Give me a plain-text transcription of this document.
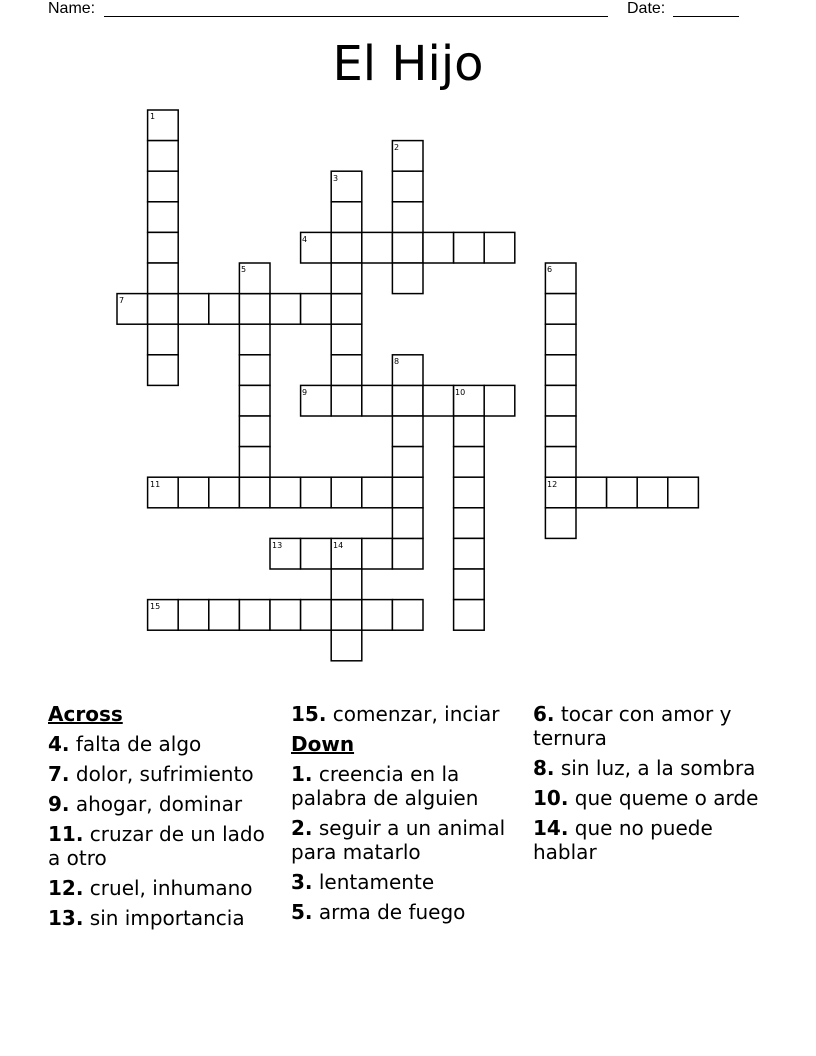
Name:	Date:
El Hijo
1
2
3
4
5	6
7
8
9	10
11	12
13	14
15
Across
4. falta de algo
7. dolor, sufrimiento
9. ahogar, dominar
11. cruzar de un lado a otro
12. cruel, inhumano
13. sin importancia
15. comenzar, inciar
Down
1. creencia en la palabra de alguien
2. seguir a un animal para matarlo
3. lentamente
5. arma de fuego
6. tocar con amor y ternura
8. sin luz, a la sombra
10. que queme o arde
14. que no puede hablar
